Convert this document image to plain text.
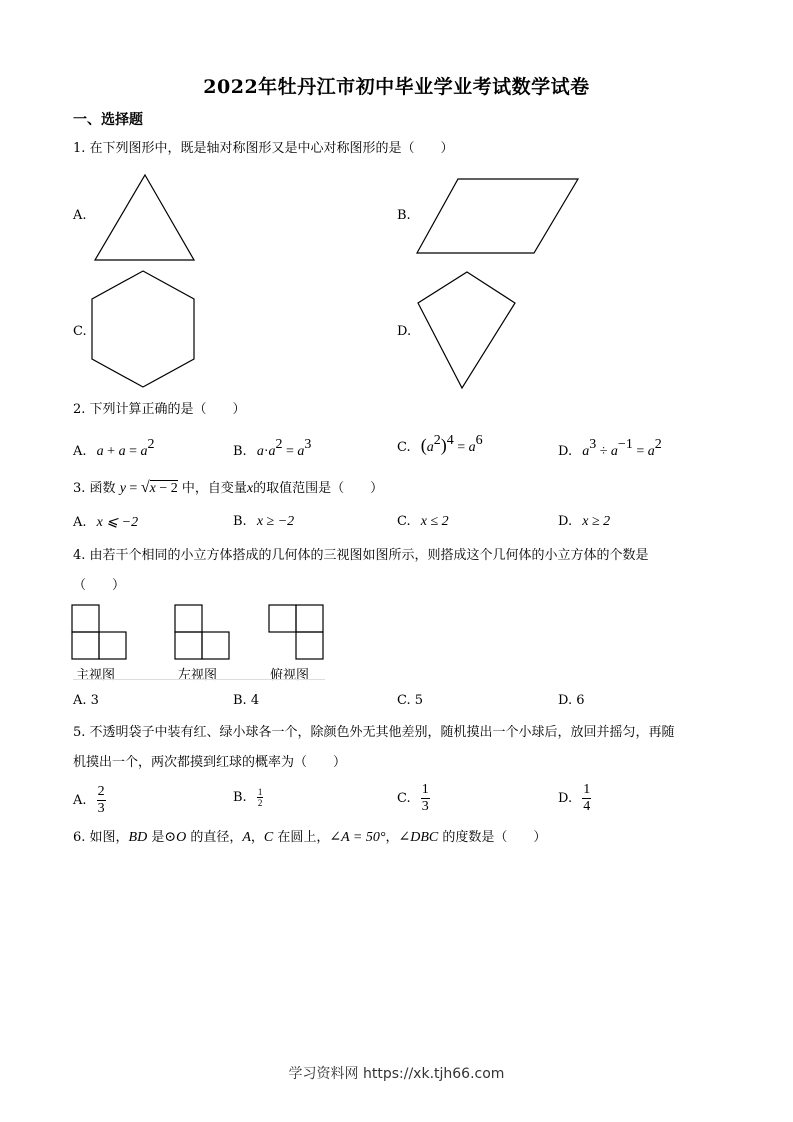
2022年牡丹江市初中毕业学业考试数学试卷
一、选择题
1. 在下列图形中，既是轴对称图形又是中心对称图形的是（　　）
A.	B.
C.	D.
2. 下列计算正确的是（　　）
A. $a + a = a^2$	B. $a\cdot a^2 = a^3$	C. $(a^2)^4 = a^6$
D. $a^3 \div a^{-1} = a^2$
3. 函数 y = √x − 2 中，自变量x的取值范围是（　　）
A. x ⩽ −2	B. x ≥ −2	C. x ≤ 2	D. x ≥ 2
4. 由若干个相同的小立方体搭成的几何体的三视图如图所示，则搭成这个几何体的小立方体的个数是
（　　）
主视图	左视图	俯视图
A. 3	B. 4	C. 5	D. 6
5. 不透明袋子中装有红、绿小球各一个，除颜色外无其他差别，随机摸出一个小球后，放回并摇匀，再随
机摸出一个，两次都摸到红球的概率为（　　）
A. $\frac{2}{3}$	B. $\frac{1}{2}$	C. $\frac{1}{3}$	D. $\frac{1}{4}$
6. 如图，BD 是⊙O 的直径，A，C 在圆上，∠A = 50°，∠DBC 的度数是（　　）
学习资料网 https://xk.tjh66.com
